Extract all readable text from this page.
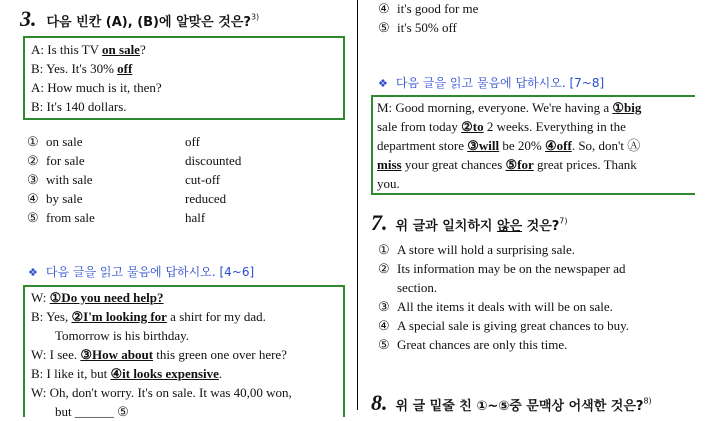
3. 다음 빈칸 (A), (B)에 알맞은 것은?$^{3)}$
A: Is this TV on sale?
B: Yes. It's 30% off
A: How much is it, then?
B: It's 140 dollars.
① on sale	off
② for sale	discounted
③ with sale	cut-off
④ by sale	reduced
⑤ from sale	half
❖ 다음 글을 읽고 물음에 답하시오. [4~6]
W: ①Do you need help?
B: Yes, ②I'm looking for a shirt for my dad.
Tomorrow is his birthday.
W: I see. ③How about this green one over here?
B: I like it, but ④it looks expensive.
W: Oh, don't worry. It's on sale. It was 40,00 won,
but ______ ⑤
④ it's good for me
⑤ it's 50% off
❖ 다음 글을 읽고 물음에 답하시오. [7~8]
M: Good morning, everyone. We're having a ①big
sale from today ②to 2 weeks. Everything in the
department store ③will be 20% ④off. So, don't Ⓐ
miss your great chances ⑤for great prices. Thank
you.
7. 위 글과 일치하지 않은 것은?$^{7)}$
① A store will hold a surprising sale.
② Its information may be on the newspaper ad
section.
③ All the items it deals with will be on sale.
④ A special sale is giving great chances to buy.
⑤ Great chances are only this time.
8. 위 글 밑줄 친 ①~⑤중 문맥상 어색한 것은?$^{8)}$
